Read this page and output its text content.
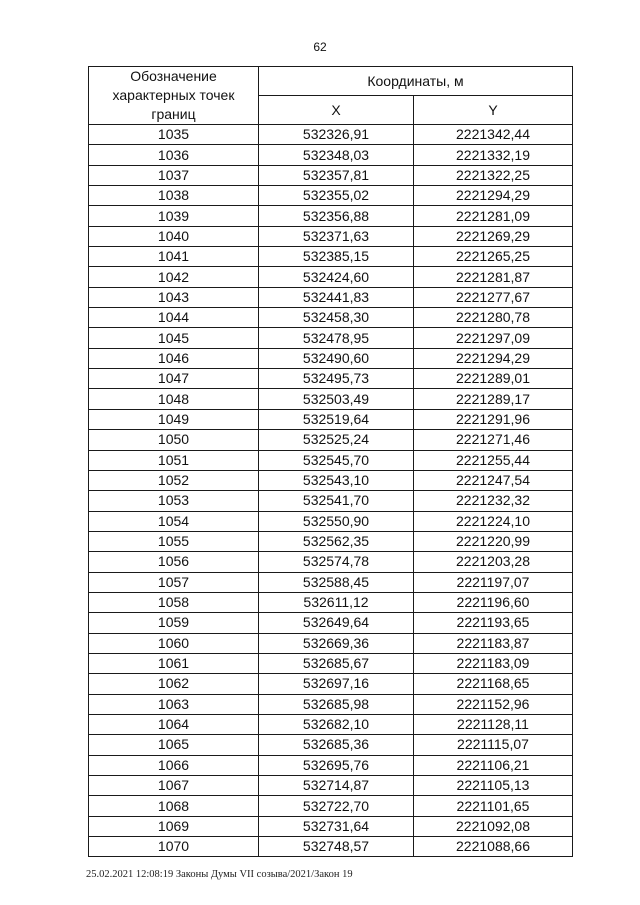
62
Обозначение характерных точек границ	Координаты, м	
	X	Y
1035	532326,91	2221342,44
1036	532348,03	2221332,19
1037	532357,81	2221322,25
1038	532355,02	2221294,29
1039	532356,88	2221281,09
1040	532371,63	2221269,29
1041	532385,15	2221265,25
1042	532424,60	2221281,87
1043	532441,83	2221277,67
1044	532458,30	2221280,78
1045	532478,95	2221297,09
1046	532490,60	2221294,29
1047	532495,73	2221289,01
1048	532503,49	2221289,17
1049	532519,64	2221291,96
1050	532525,24	2221271,46
1051	532545,70	2221255,44
1052	532543,10	2221247,54
1053	532541,70	2221232,32
1054	532550,90	2221224,10
1055	532562,35	2221220,99
1056	532574,78	2221203,28
1057	532588,45	2221197,07
1058	532611,12	2221196,60
1059	532649,64	2221193,65
1060	532669,36	2221183,87
1061	532685,67	2221183,09
1062	532697,16	2221168,65
1063	532685,98	2221152,96
1064	532682,10	2221128,11
1065	532685,36	2221115,07
1066	532695,76	2221106,21
1067	532714,87	2221105,13
1068	532722,70	2221101,65
1069	532731,64	2221092,08
1070	532748,57	2221088,66
25.02.2021 12:08:19 Законы Думы VII созыва/2021/Закон 19
